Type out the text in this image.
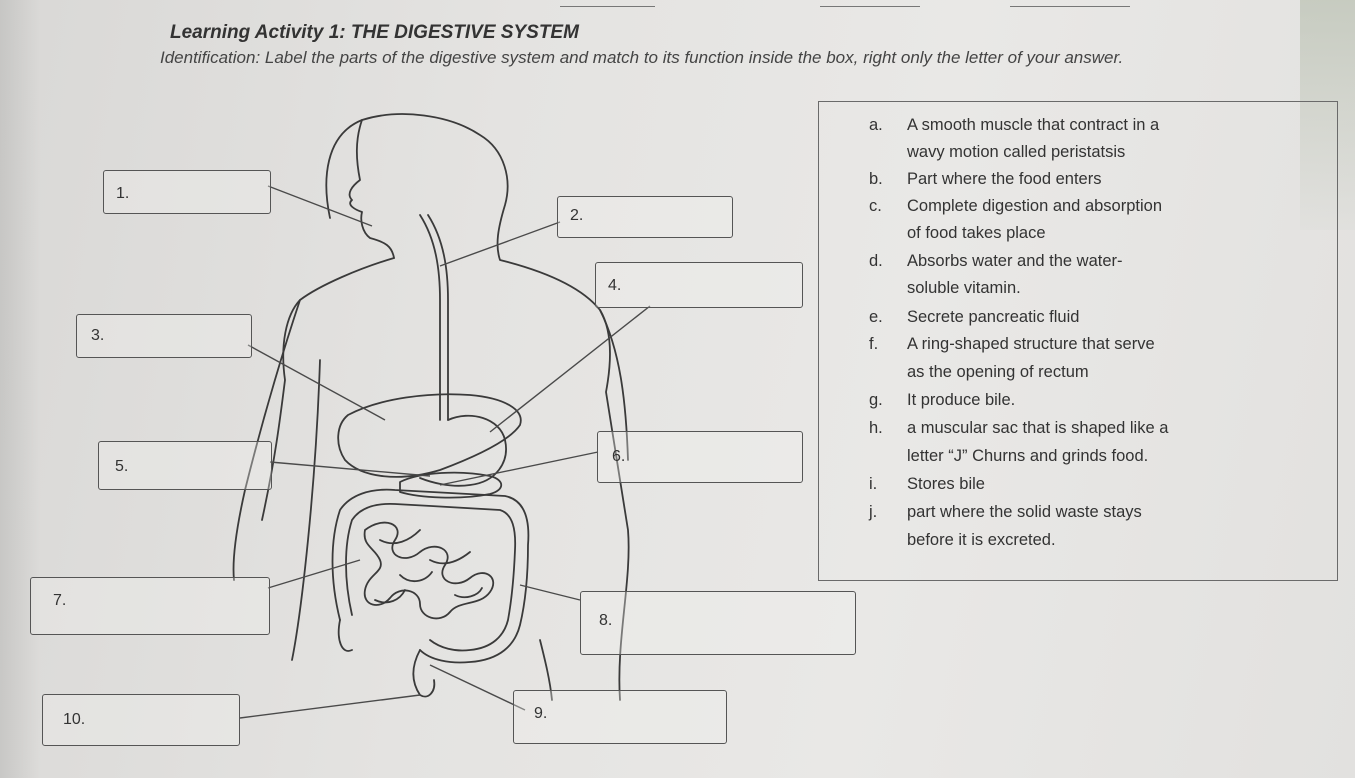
Learning Activity 1: THE DIGESTIVE SYSTEM
Identification: Label the parts of the digestive system and match to its function inside the box, right only the letter of your answer.
1.
2.
3.
4.
5.
6.
7.
8.
9.
10.
a. A smooth muscle that contract in a
wavy motion called peristatsis
b. Part where the food enters
c. Complete digestion and absorption
of food takes place
d. Absorbs water and the water-
soluble vitamin.
e. Secrete pancreatic fluid
f. A ring-shaped structure that serve
as the opening of rectum
g. It produce bile.
h. a muscular sac that is shaped like a
letter “J” Churns and grinds food.
i. Stores bile
j. part where the solid waste stays
before it is excreted.
